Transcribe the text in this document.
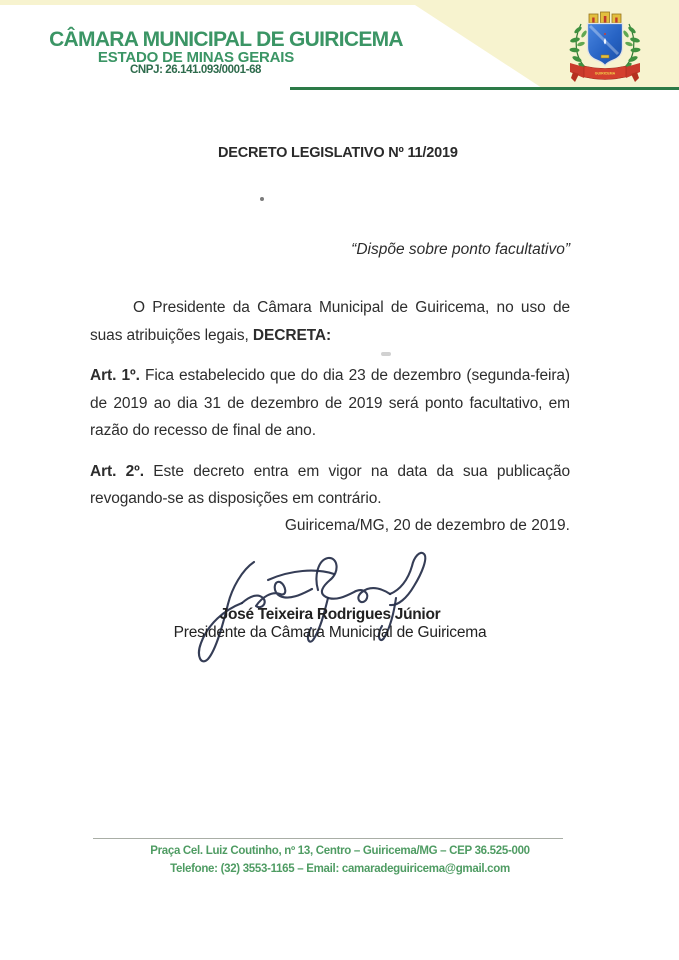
CÂMARA MUNICIPAL DE GUIRICEMA
ESTADO DE MINAS GERAIS
CNPJ: 26.141.093/0001-68	GUIRICEMA
DECRETO LEGISLATIVO Nº 11/2019
“Dispõe sobre ponto facultativo”

O Presidente da Câmara Municipal de Guiricema, no uso de suas atribuições legais, DECRETA:

Art. 1º. Fica estabelecido que do dia 23 de dezembro (segunda-feira) de 2019 ao dia 31 de dezembro de 2019 será ponto facultativo, em razão do recesso de final de ano.

Art. 2º. Este decreto entra em vigor na data da sua publicação revogando-se as disposições em contrário.

Guiricema/MG, 20 de dezembro de 2019.
José Teixeira Rodrigues Júnior
Presidente da Câmara Municipal de Guiricema
Praça Cel. Luiz Coutinho, nº 13, Centro – Guiricema/MG – CEP 36.525-000
Telefone: (32) 3553-1165 – Email: camaradeguiricema@gmail.com
